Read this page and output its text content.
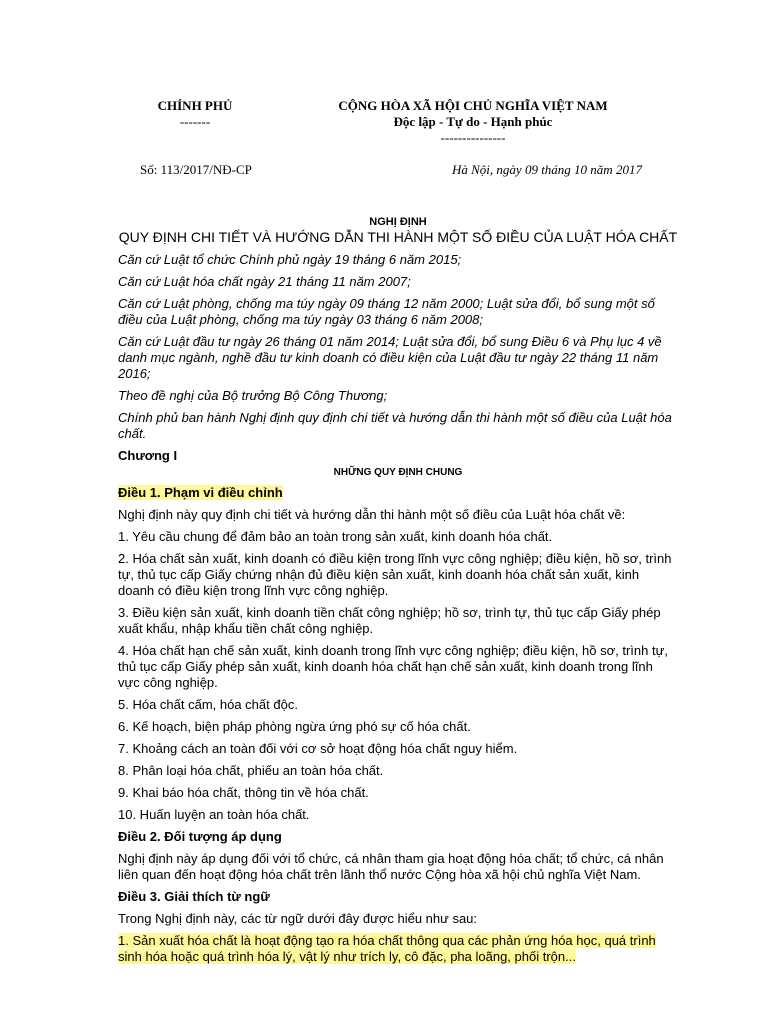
CHÍNH PHỦ

-------

CỘNG HÒA XÃ HỘI CHỦ NGHĨA VIỆT NAM

Độc lập - Tự do - Hạnh phúc

---------------

Số: 113/2017/NĐ-CP	Hà Nội, ngày 09 tháng 10 năm 2017

NGHỊ ĐỊNH

QUY ĐỊNH CHI TIẾT VÀ HƯỚNG DẪN THI HÀNH MỘT SỐ ĐIỀU CỦA LUẬT HÓA CHẤT

Căn cứ Luật tổ chức Chính phủ ngày 19 tháng 6 năm 2015;

Căn cứ Luật hóa chất ngày 21 tháng 11 năm 2007;

Căn cứ Luật phòng, chống ma túy ngày 09 tháng 12 năm 2000; Luật sửa đổi, bổ sung một số điều của Luật phòng, chống ma túy ngày 03 tháng 6 năm 2008;

Căn cứ Luật đầu tư ngày 26 tháng 01 năm 2014; Luật sửa đổi, bổ sung Điều 6 và Phụ lục 4 về danh mục ngành, nghề đầu tư kinh doanh có điều kiện của Luật đầu tư ngày 22 tháng 11 năm 2016;

Theo đề nghị của Bộ trưởng Bộ Công Thương;

Chính phủ ban hành Nghị định quy định chi tiết và hướng dẫn thi hành một số điều của Luật hóa chất.

Chương I

NHỮNG QUY ĐỊNH CHUNG

Điều 1. Phạm vi điều chỉnh

Nghị định này quy định chi tiết và hướng dẫn thi hành một số điều của Luật hóa chất về:

1. Yêu cầu chung để đảm bảo an toàn trong sản xuất, kinh doanh hóa chất.

2. Hóa chất sản xuất, kinh doanh có điều kiện trong lĩnh vực công nghiệp; điều kiện, hồ sơ, trình tự, thủ tục cấp Giấy chứng nhận đủ điều kiện sản xuất, kinh doanh hóa chất sản xuất, kinh doanh có điều kiện trong lĩnh vực công nghiệp.

3. Điều kiện sản xuất, kinh doanh tiền chất công nghiệp; hồ sơ, trình tự, thủ tục cấp Giấy phép xuất khẩu, nhập khẩu tiền chất công nghiệp.

4. Hóa chất hạn chế sản xuất, kinh doanh trong lĩnh vực công nghiệp; điều kiện, hồ sơ, trình tự, thủ tục cấp Giấy phép sản xuất, kinh doanh hóa chất hạn chế sản xuất, kinh doanh trong lĩnh vực công nghiệp.

5. Hóa chất cấm, hóa chất độc.

6. Kế hoạch, biện pháp phòng ngừa ứng phó sự cố hóa chất.

7. Khoảng cách an toàn đối với cơ sở hoạt động hóa chất nguy hiểm.

8. Phân loại hóa chất, phiếu an toàn hóa chất.

9. Khai báo hóa chất, thông tin về hóa chất.

10. Huấn luyện an toàn hóa chất.

Điều 2. Đối tượng áp dụng

Nghị định này áp dụng đối với tổ chức, cá nhân tham gia hoạt động hóa chất; tổ chức, cá nhân liên quan đến hoạt động hóa chất trên lãnh thổ nước Cộng hòa xã hội chủ nghĩa Việt Nam.

Điều 3. Giải thích từ ngữ

Trong Nghị định này, các từ ngữ dưới đây được hiểu như sau:

1. Sản xuất hóa chất là hoạt động tạo ra hóa chất thông qua các phản ứng hóa học, quá trình sinh hóa hoặc quá trình hóa lý, vật lý như trích ly, cô đặc, pha loãng, phối trộn...
